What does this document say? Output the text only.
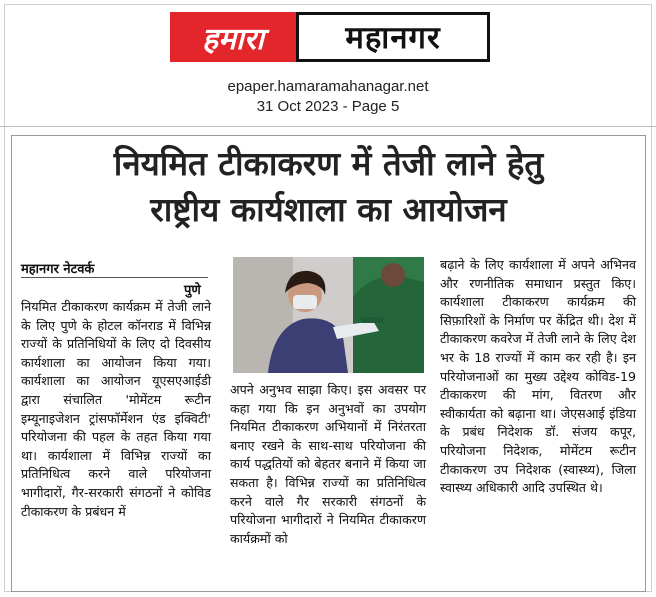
हमारा	महानगर
epaper.hamaramahanagar.net
31 Oct 2023 - Page 5
नियमित टीकाकरण में तेजी लाने हेतु
राष्ट्रीय कार्यशाला का आयोजन
महानगर नेटवर्क
पुणे
नियमित टीकाकरण कार्यक्रम में तेजी लाने के लिए पुणे के होटल कॉनराड में विभिन्न राज्यों के प्रतिनिधियों के लिए दो दिवसीय कार्यशाला का आयोजन किया गया। कार्यशाला का आयोजन यूएसएआईडी द्वारा संचालित 'मोमेंटम रूटीन इम्यूनाइजेशन ट्रांसफॉर्मेशन एंड इक्विटी' परियोजना की पहल के तहत किया गया था। कार्यशाला में विभिन्न राज्यों का प्रतिनिधित्व करने वाले परियोजना भागीदारों, गैर-सरकारी संगठनों ने कोविड टीकाकरण के प्रबंधन में
अपने अनुभव साझा किए। इस अवसर पर कहा गया कि इन अनुभवों का उपयोग नियमित टीकाकरण अभियानों में निरंतरता बनाए रखने के साथ-साथ परियोजना की कार्य पद्धतियों को बेहतर बनाने में किया जा सकता है। विभिन्न राज्यों का प्रतिनिधित्व करने वाले गैर सरकारी संगठनों के परियोजना भागीदारों ने नियमित टीकाकरण कार्यक्रमों को
बढ़ाने के लिए कार्यशाला में अपने अभिनव और रणनीतिक समाधान प्रस्तुत किए। कार्यशाला टीकाकरण कार्यक्रम की सिफ़ारिशों के निर्माण पर केंद्रित थी। देश में टीकाकरण कवरेज में तेजी लाने के लिए देश भर के 18 राज्यों में काम कर रही है। इन परियोजनाओं का मुख्य उद्देश्य कोविड-19 टीकाकरण की मांग, वितरण और स्वीकार्यता को बढ़ाना था। जेएसआई इंडिया के प्रबंध निदेशक डॉ. संजय कपूर, परियोजना निदेशक, मोमेंटम रूटीन टीकाकरण उप निदेशक (स्वास्थ्य), जिला स्वास्थ्य अधिकारी आदि उपस्थित थे।
